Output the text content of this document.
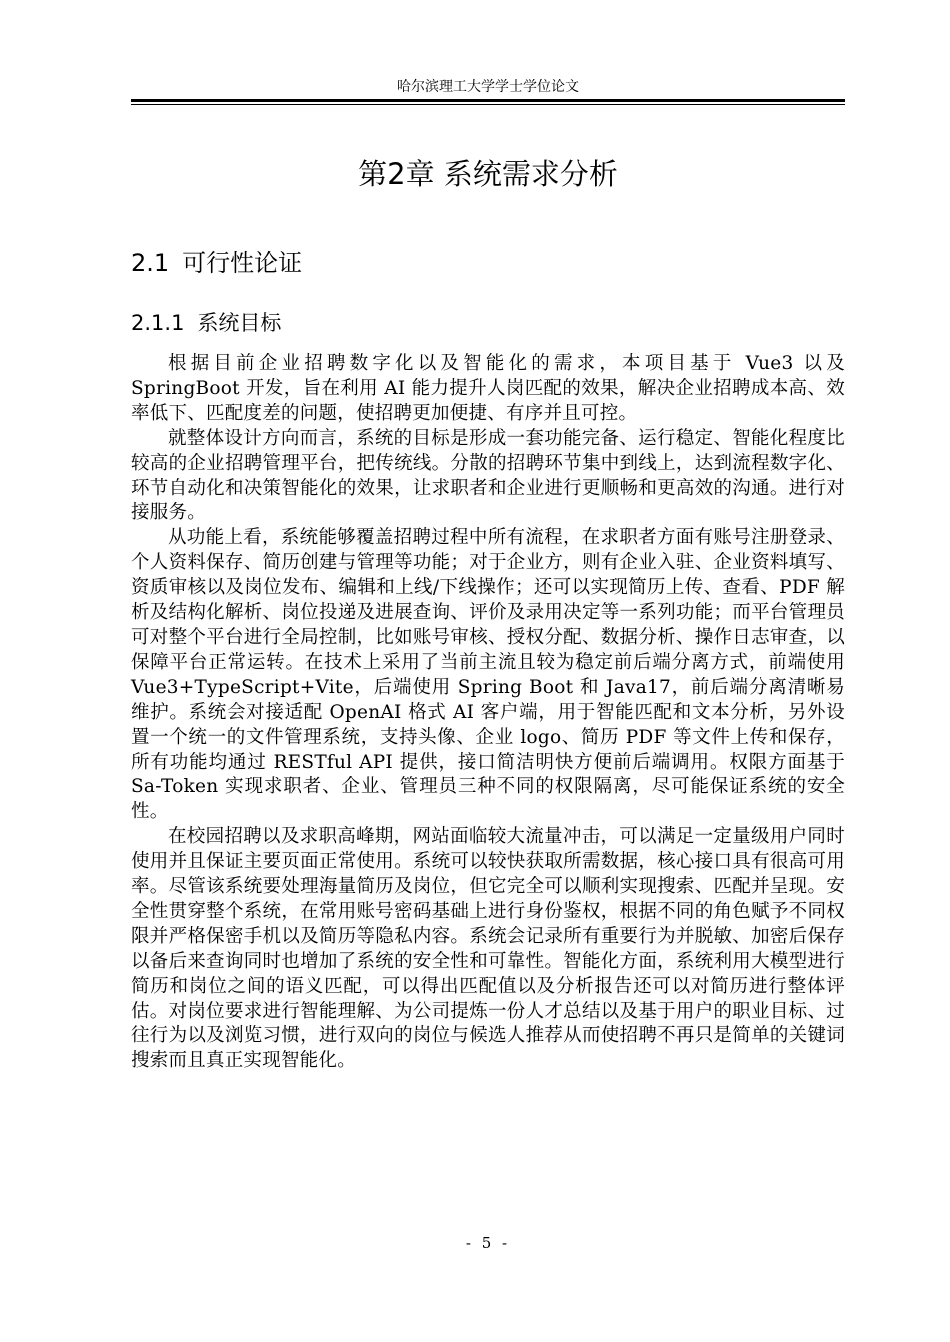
哈尔滨理工大学学士学位论文
第2章 系统需求分析
2.1 可行性论证
2.1.1 系统目标

根据目前企业招聘数字化以及智能化的需求，本项目基于 Vue3 以及 SpringBoot 开发，旨在利用 AI 能力提升人岗匹配的效果，解决企业招聘成本高、效率低下、匹配度差的问题，使招聘更加便捷、有序并且可控。

就整体设计方向而言，系统的目标是形成一套功能完备、运行稳定、智能化程度比较高的企业招聘管理平台，把传统线。分散的招聘环节集中到线上，达到流程数字化、环节自动化和决策智能化的效果，让求职者和企业进行更顺畅和更高效的沟通。进行对接服务。

从功能上看，系统能够覆盖招聘过程中所有流程，在求职者方面有账号注册登录、个人资料保存、简历创建与管理等功能；对于企业方，则有企业入驻、企业资料填写、资质审核以及岗位发布、编辑和上线/下线操作；还可以实现简历上传、查看、PDF 解析及结构化解析、岗位投递及进展查询、评价及录用决定等一系列功能；而平台管理员可对整个平台进行全局控制，比如账号审核、授权分配、数据分析、操作日志审查，以保障平台正常运转。在技术上采用了当前主流且较为稳定前后端分离方式，前端使用 Vue3+TypeScript+Vite，后端使用 Spring Boot 和 Java17，前后端分离清晰易维护。系统会对接适配 OpenAI 格式 AI 客户端，用于智能匹配和文本分析，另外设置一个统一的文件管理系统，支持头像、企业 logo、简历 PDF 等文件上传和保存，所有功能均通过 RESTful API 提供，接口简洁明快方便前后端调用。权限方面基于 Sa-Token 实现求职者、企业、管理员三种不同的权限隔离，尽可能保证系统的安全性。

在校园招聘以及求职高峰期，网站面临较大流量冲击，可以满足一定量级用户同时使用并且保证主要页面正常使用。系统可以较快获取所需数据，核心接口具有很高可用率。尽管该系统要处理海量简历及岗位，但它完全可以顺利实现搜索、匹配并呈现。安全性贯穿整个系统，在常用账号密码基础上进行身份鉴权，根据不同的角色赋予不同权限并严格保密手机以及简历等隐私内容。系统会记录所有重要行为并脱敏、加密后保存以备后来查询同时也增加了系统的安全性和可靠性。智能化方面，系统利用大模型进行简历和岗位之间的语义匹配，可以得出匹配值以及分析报告还可以对简历进行整体评估。对岗位要求进行智能理解、为公司提炼一份人才总结以及基于用户的职业目标、过往行为以及浏览习惯，进行双向的岗位与候选人推荐从而使招聘不再只是简单的关键词搜索而且真正实现智能化。

- 5 -
